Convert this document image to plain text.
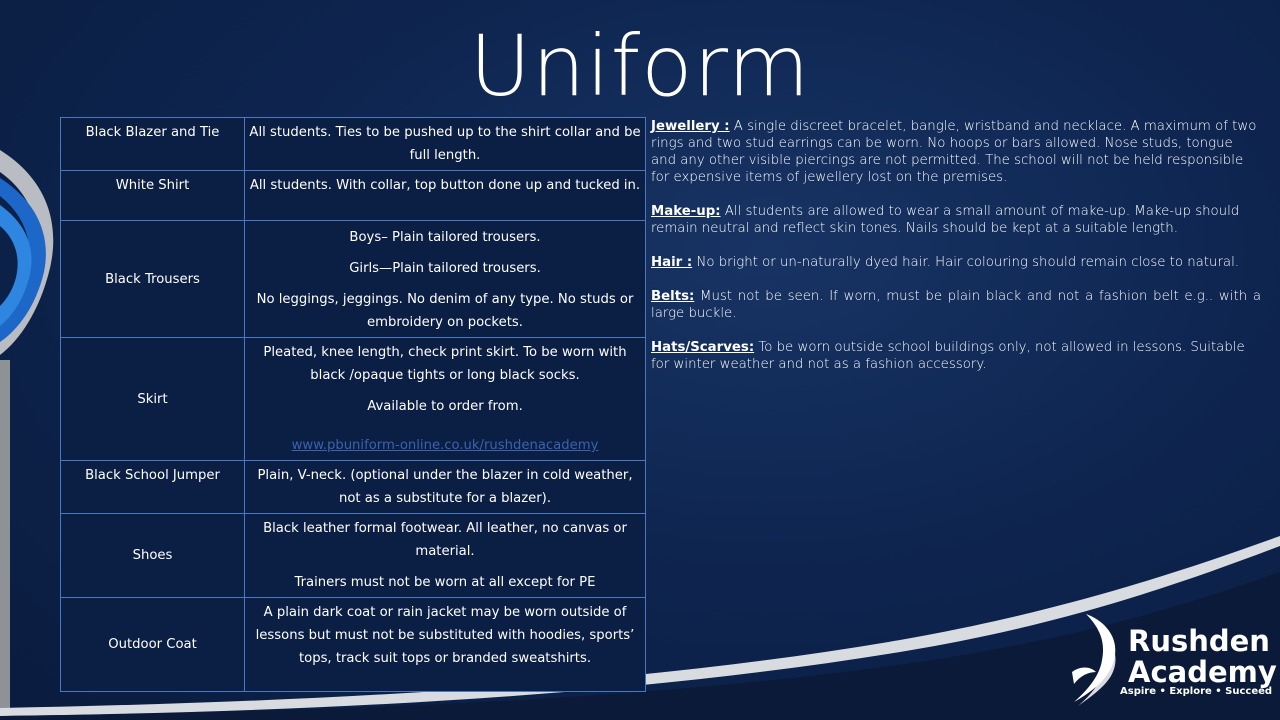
Uniform
Black Blazer and Tie	All students. Ties to be pushed up to the shirt collar and be full length.
White Shirt	All students. With collar, top button done up and tucked in.
Black Trousers	Boys– Plain tailored trousers.

Girls—Plain tailored trousers.

No leggings, jeggings. No denim of any type. No studs or embroidery on pockets.

Skirt	Pleated, knee length, check print skirt. To be worn with black /opaque tights or long black socks.

Available to order from.

www.pbuniform-online.co.uk/rushdenacademy

Black School Jumper	Plain, V-neck. (optional under the blazer in cold weather, not as a substitute for a blazer).
Shoes	Black leather formal footwear. All leather, no canvas or material.

Trainers must not be worn at all except for PE

Outdoor Coat	A plain dark coat or rain jacket may be worn outside of lessons but must not be substituted with hoodies, sports’ tops, track suit tops or branded sweatshirts.

Jewellery : A single discreet bracelet, bangle, wristband and necklace. A maximum of two rings and two stud earrings can be worn. No hoops or bars allowed. Nose studs, tongue and any other visible piercings are not permitted. The school will not be held responsible for expensive items of jewellery lost on the premises.

Make-up: All students are allowed to wear a small amount of make-up. Make-up should remain neutral and reflect skin tones. Nails should be kept at a suitable length.

Hair : No bright or un-naturally dyed hair. Hair colouring should remain close to natural.

Belts: Must not be seen. If worn, must be plain black and not a fashion belt e.g.. with a large buckle.

Hats/Scarves: To be worn outside school buildings only, not allowed in lessons. Suitable for winter weather and not as a fashion accessory.

Rushden
Academy
Aspire • Explore • Succeed
